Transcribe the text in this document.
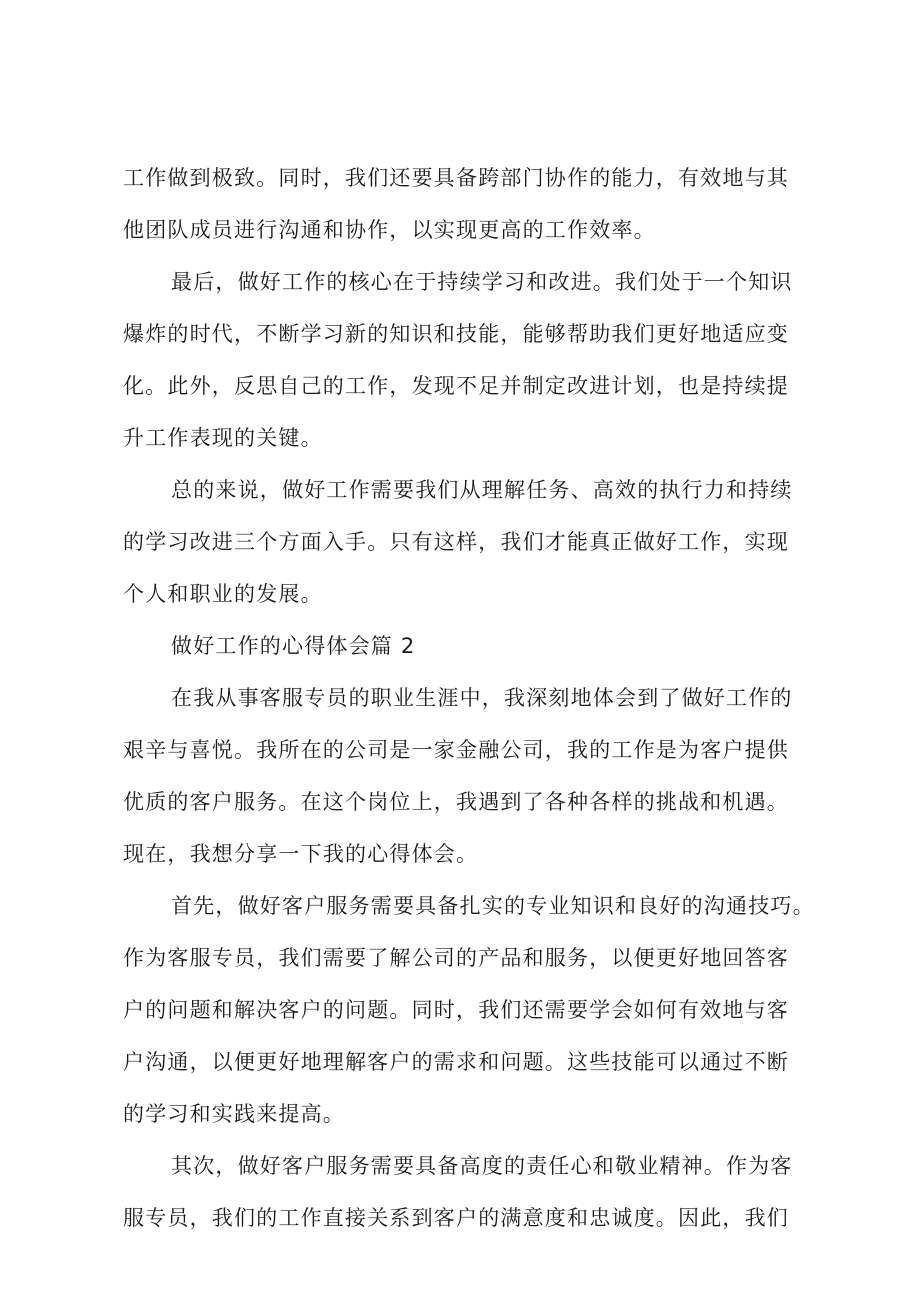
工作做到极致。同时，我们还要具备跨部门协作的能力，有效地与其
他团队成员进行沟通和协作，以实现更高的工作效率。
最后，做好工作的核心在于持续学习和改进。我们处于一个知识
爆炸的时代，不断学习新的知识和技能，能够帮助我们更好地适应变
化。此外，反思自己的工作，发现不足并制定改进计划，也是持续提
升工作表现的关键。
总的来说，做好工作需要我们从理解任务、高效的执行力和持续
的学习改进三个方面入手。只有这样，我们才能真正做好工作，实现
个人和职业的发展。
做好工作的心得体会篇 2
在我从事客服专员的职业生涯中，我深刻地体会到了做好工作的
艰辛与喜悦。我所在的公司是一家金融公司，我的工作是为客户提供
优质的客户服务。在这个岗位上，我遇到了各种各样的挑战和机遇。
现在，我想分享一下我的心得体会。
首先，做好客户服务需要具备扎实的专业知识和良好的沟通技巧。
作为客服专员，我们需要了解公司的产品和服务，以便更好地回答客
户的问题和解决客户的问题。同时，我们还需要学会如何有效地与客
户沟通，以便更好地理解客户的需求和问题。这些技能可以通过不断
的学习和实践来提高。
其次，做好客户服务需要具备高度的责任心和敬业精神。作为客
服专员，我们的工作直接关系到客户的满意度和忠诚度。因此，我们
